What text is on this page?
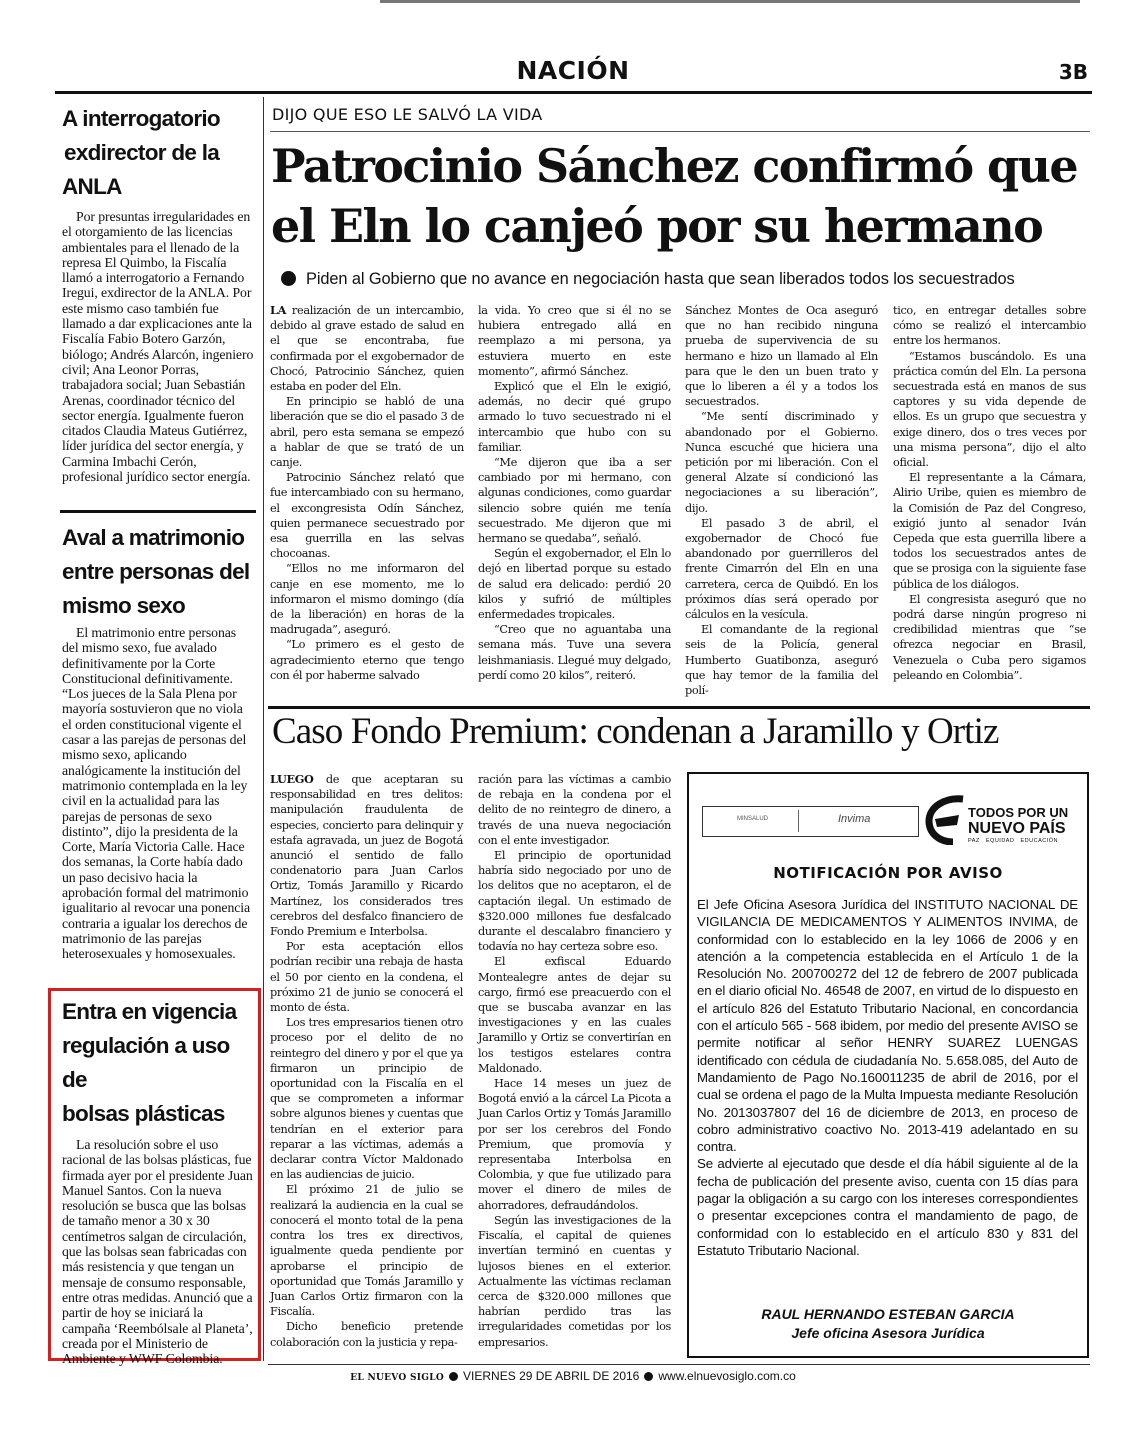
NACIÓN	3B
A interrogatorio
exdirector de la
ANLA

Por presuntas irregularidades en el otorgamiento de las licencias ambientales para el llenado de la represa El Quimbo, la Fiscalía llamó a interrogatorio a Fernando Iregui, exdirector de la ANLA. Por este mismo caso también fue llamado a dar explicaciones ante la Fiscalía Fabio Botero Garzón, biólogo; Andrés Alarcón, ingeniero civil; Ana Leonor Porras, trabajadora social; Juan Sebastián Arenas, coordinador técnico del sector energía. Igualmente fueron citados Claudia Mateus Gutiérrez, líder jurídica del sector energía, y Carmina Imbachi Cerón, profesional jurídico sector energía.

Aval a matrimonio
entre personas del
mismo sexo

El matrimonio entre personas del mismo sexo, fue avalado definitivamente por la Corte Constitucional definitivamente. “Los jueces de la Sala Plena por mayoría sostuvieron que no viola el orden constitucional vigente el casar a las parejas de personas del mismo sexo, aplicando analógicamente la institución del matrimonio contemplada en la ley civil en la actualidad para las parejas de personas de sexo distinto”, dijo la presidenta de la Corte, María Victoria Calle. Hace dos semanas, la Corte había dado un paso decisivo hacia la aprobación formal del matrimonio igualitario al revocar una ponencia contraria a igualar los derechos de matrimonio de las parejas heterosexuales y homosexuales.

Entra en vigencia
regulación a uso de
bolsas plásticas

La resolución sobre el uso racional de las bolsas plásticas, fue firmada ayer por el presidente Juan Manuel Santos. Con la nueva resolución se busca que las bolsas de tamaño menor a 30 x 30 centímetros salgan de circulación, que las bolsas sean fabricadas con más resistencia y que tengan un mensaje de consumo responsable, entre otras medidas. Anunció que a partir de hoy se iniciará la campaña ‘Reembólsale al Planeta’, creada por el Ministerio de Ambiente y WWF Colombia.

DIJO QUE ESO LE SALVÓ LA VIDA
Patrocinio Sánchez confirmó que
el Eln lo canjeó por su hermano
Piden al Gobierno que no avance en negociación hasta que sean liberados todos los secuestrados

LA realización de un intercambio, debido al grave estado de salud en el que se encontraba, fue confirmada por el exgobernador de Chocó, Patrocinio Sánchez, quien estaba en poder del Eln.

En principio se habló de una liberación que se dio el pasado 3 de abril, pero esta semana se empezó a hablar de que se trató de un canje.

Patrocinio Sánchez relató que fue intercambiado con su hermano, el excongresista Odín Sánchez, quien permanece secuestrado por esa guerrilla en las selvas chocoanas.

“Ellos no me informaron del canje en ese momento, me lo informaron el mismo domingo (día de la liberación) en horas de la madrugada”, aseguró.

“Lo primero es el gesto de agradecimiento eterno que tengo con él por haberme salvado

la vida. Yo creo que si él no se hubiera entregado allá en reemplazo a mi persona, ya estuviera muerto en este momento”, afirmó Sánchez.

Explicó que el Eln le exigió, además, no decir qué grupo armado lo tuvo secuestrado ni el intercambio que hubo con su familiar.

“Me dijeron que iba a ser cambiado por mi hermano, con algunas condiciones, como guardar silencio sobre quién me tenía secuestrado. Me dijeron que mi hermano se quedaba”, señaló.

Según el exgobernador, el Eln lo dejó en libertad porque su estado de salud era delicado: perdió 20 kilos y sufrió de múltiples enfermedades tropicales.

“Creo que no aguantaba una semana más. Tuve una severa leishmaniasis. Llegué muy delgado, perdí como 20 kilos”, reiteró.

Sánchez Montes de Oca aseguró que no han recibido ninguna prueba de supervivencia de su hermano e hizo un llamado al Eln para que le den un buen trato y que lo liberen a él y a todos los secuestrados.

“Me sentí discriminado y abandonado por el Gobierno. Nunca escuché que hiciera una petición por mi liberación. Con el general Alzate sí condicionó las negociaciones a su liberación”, dijo.

El pasado 3 de abril, el exgobernador de Chocó fue abandonado por guerrilleros del frente Cimarrón del Eln en una carretera, cerca de Quibdó. En los próximos días será operado por cálculos en la vesícula.

El comandante de la regional seis de la Policía, general Humberto Guatibonza, aseguró que hay temor de la familia del polí-

tico, en entregar detalles sobre cómo se realizó el intercambio entre los hermanos.

“Estamos buscándolo. Es una práctica común del Eln. La persona secuestrada está en manos de sus captores y su vida depende de ellos. Es un grupo que secuestra y exige dinero, dos o tres veces por una misma persona”, dijo el alto oficial.

El representante a la Cámara, Alirio Uribe, quien es miembro de la Comisión de Paz del Congreso, exigió junto al senador Iván Cepeda que esta guerrilla libere a todos los secuestrados antes de que se prosiga con la siguiente fase pública de los diálogos.

El congresista aseguró que no podrá darse ningún progreso ni credibilidad mientras que “se ofrezca negociar en Brasil, Venezuela o Cuba pero sigamos peleando en Colombia”.

Caso Fondo Premium: condenan a Jaramillo y Ortiz

LUEGO de que aceptaran su responsabilidad en tres delitos: manipulación fraudulenta de especies, concierto para delinquir y estafa agravada, un juez de Bogotá anunció el sentido de fallo condenatorio para Juan Carlos Ortiz, Tomás Jaramillo y Ricardo Martínez, los considerados tres cerebros del desfalco financiero de Fondo Premium e Interbolsa.

Por esta aceptación ellos podrían recibir una rebaja de hasta el 50 por ciento en la condena, el próximo 21 de junio se conocerá el monto de ésta.

Los tres empresarios tienen otro proceso por el delito de no reintegro del dinero y por el que ya firmaron un principio de oportunidad con la Fiscalía en el que se comprometen a informar sobre algunos bienes y cuentas que tendrían en el exterior para reparar a las víctimas, además a declarar contra Víctor Maldonado en las audiencias de juicio.

El próximo 21 de julio se realizará la audiencia en la cual se conocerá el monto total de la pena contra los tres ex directivos, igualmente queda pendiente por aprobarse el principio de oportunidad que Tomás Jaramillo y Juan Carlos Ortiz firmaron con la Fiscalía.

Dicho beneficio pretende colaboración con la justicia y repa-

ración para las víctimas a cambio de rebaja en la condena por el delito de no reintegro de dinero, a través de una nueva negociación con el ente investigador.

El principio de oportunidad habría sido negociado por uno de los delitos que no aceptaron, el de captación ilegal. Un estimado de $320.000 millones fue desfalcado durante el descalabro financiero y todavía no hay certeza sobre eso.

El exfiscal Eduardo Montealegre antes de dejar su cargo, firmó ese preacuerdo con el que se buscaba avanzar en las investigaciones y en las cuales Jaramillo y Ortiz se convertirían en los testigos estelares contra Maldonado.

Hace 14 meses un juez de Bogotá envió a la cárcel La Picota a Juan Carlos Ortiz y Tomás Jaramillo por ser los cerebros del Fondo Premium, que promovía y representaba Interbolsa en Colombia, y que fue utilizado para mover el dinero de miles de ahorradores, defraudándolos.

Según las investigaciones de la Fiscalía, el capital de quienes invertían terminó en cuentas y lujosos bienes en el exterior. Actualmente las víctimas reclaman cerca de $320.000 millones que habrían perdido tras las irregularidades cometidas por los empresarios.

MINSALUD	Invima	TODOS POR UN
NUEVO PAÍS
PAZ   EQUIDAD   EDUCACIÓN
NOTIFICACIÓN POR AVISO

El Jefe Oficina Asesora Jurídica del INSTITUTO NACIONAL DE VIGILANCIA DE MEDICAMENTOS Y ALIMENTOS INVIMA, de conformidad con lo establecido en la ley 1066 de 2006 y en atención a la competencia establecida en el Artículo 1 de la Resolución No. 200700272 del 12 de febrero de 2007 publicada en el diario oficial No. 46548 de 2007, en virtud de lo dispuesto en el artículo 826 del Estatuto Tributario Nacional, en concordancia con el artículo 565 - 568 ibidem, por medio del presente AVISO se permite notificar al señor HENRY SUAREZ LUENGAS identificado con cédula de ciudadanía No. 5.658.085, del Auto de Mandamiento de Pago No.160011235 de abril de 2016, por el cual se ordena el pago de la Multa Impuesta mediante Resolución No. 2013037807 del 16 de diciembre de 2013, en proceso de cobro administrativo coactivo No. 2013-419 adelantado en su contra.

Se advierte al ejecutado que desde el día hábil siguiente al de la fecha de publicación del presente aviso, cuenta con 15 días para pagar la obligación a su cargo con los intereses correspondientes o presentar excepciones contra el mandamiento de pago, de conformidad con lo establecido en el artículo 830 y 831 del Estatuto Tributario Nacional.

RAUL HERNANDO ESTEBAN GARCIA
Jefe oficina Asesora Jurídica
EL NUEVO SIGLO VIERNES 29 DE ABRIL DE 2016 www.elnuevosiglo.com.co
